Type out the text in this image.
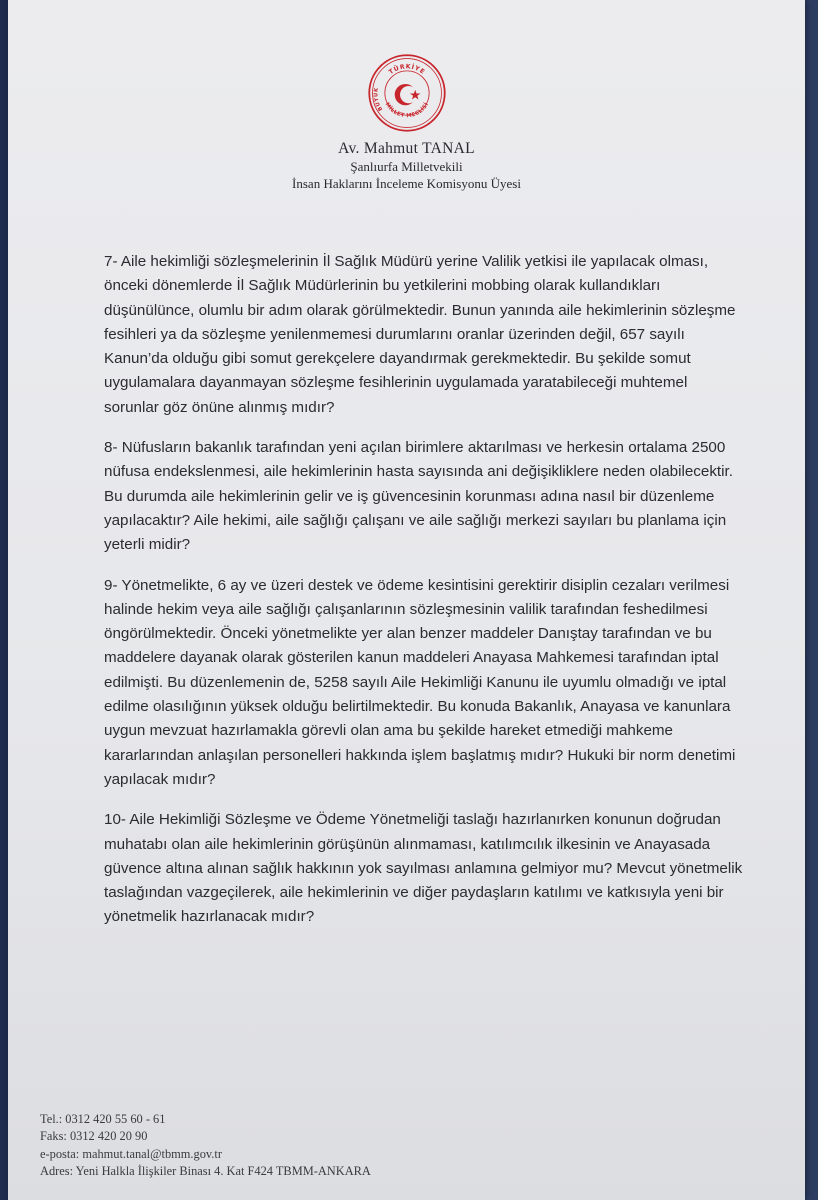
TÜRKİYE
MİLLET MECLİSİ
BÜYÜK
Av. Mahmut TANAL
Şanlıurfa Milletvekili
İnsan Haklarını İnceleme Komisyonu Üyesi

7- Aile hekimliği sözleşmelerinin İl Sağlık Müdürü yerine Valilik yetkisi ile yapılacak olması, önceki dönemlerde İl Sağlık Müdürlerinin bu yetkilerini mobbing olarak kullandıkları düşünülünce, olumlu bir adım olarak görülmektedir. Bunun yanında aile hekimlerinin sözleşme fesihleri ya da sözleşme yenilenmemesi durumlarını oranlar üzerinden değil, 657 sayılı Kanun’da olduğu gibi somut gerekçelere dayandırmak gerekmektedir. Bu şekilde somut uygulamalara dayanmayan sözleşme fesihlerinin uygulamada yaratabileceği muhtemel sorunlar göz önüne alınmış mıdır?

8- Nüfusların bakanlık tarafından yeni açılan birimlere aktarılması ve herkesin ortalama 2500 nüfusa endekslenmesi, aile hekimlerinin hasta sayısında ani değişikliklere neden olabilecektir. Bu durumda aile hekimlerinin gelir ve iş güvencesinin korunması adına nasıl bir düzenleme yapılacaktır? Aile hekimi, aile sağlığı çalışanı ve aile sağlığı merkezi sayıları bu planlama için yeterli midir?

9- Yönetmelikte, 6 ay ve üzeri destek ve ödeme kesintisini gerektirir disiplin cezaları verilmesi halinde hekim veya aile sağlığı çalışanlarının sözleşmesinin valilik tarafından feshedilmesi öngörülmektedir. Önceki yönetmelikte yer alan benzer maddeler Danıştay tarafından ve bu maddelere dayanak olarak gösterilen kanun maddeleri Anayasa Mahkemesi tarafından iptal edilmişti. Bu düzenlemenin de, 5258 sayılı Aile Hekimliği Kanunu ile uyumlu olmadığı ve iptal edilme olasılığının yüksek olduğu belirtilmektedir. Bu konuda Bakanlık, Anayasa ve kanunlara uygun mevzuat hazırlamakla görevli olan ama bu şekilde hareket etmediği mahkeme kararlarından anlaşılan personelleri hakkında işlem başlatmış mıdır? Hukuki bir norm denetimi yapılacak mıdır?

10- Aile Hekimliği Sözleşme ve Ödeme Yönetmeliği taslağı hazırlanırken konunun doğrudan muhatabı olan aile hekimlerinin görüşünün alınmaması, katılımcılık ilkesinin ve Anayasada güvence altına alınan sağlık hakkının yok sayılması anlamına gelmiyor mu? Mevcut yönetmelik taslağından vazgeçilerek, aile hekimlerinin ve diğer paydaşların katılımı ve katkısıyla yeni bir yönetmelik hazırlanacak mıdır?

Tel.: 0312 420 55 60 - 61
Faks: 0312 420 20 90
e-posta: mahmut.tanal@tbmm.gov.tr
Adres: Yeni Halkla İlişkiler Binası 4. Kat F424 TBMM-ANKARA
